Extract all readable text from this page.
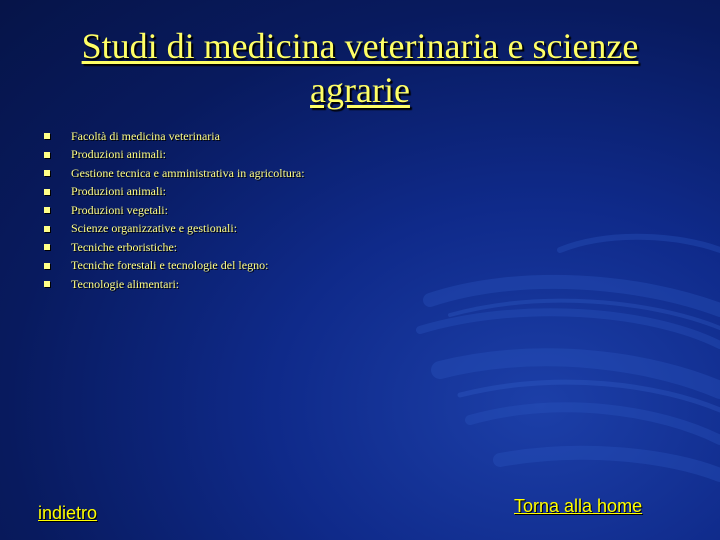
Studi di medicina veterinaria e scienze agrarie
Facoltà di medicina veterinaria
Produzioni animali:
Gestione tecnica e amministrativa in agricoltura:
Produzioni animali:
Produzioni vegetali:
Scienze organizzative e gestionali:
Tecniche erboristiche:
Tecniche forestali e tecnologie del legno:
Tecnologie alimentari:
indietro	Torna alla home
